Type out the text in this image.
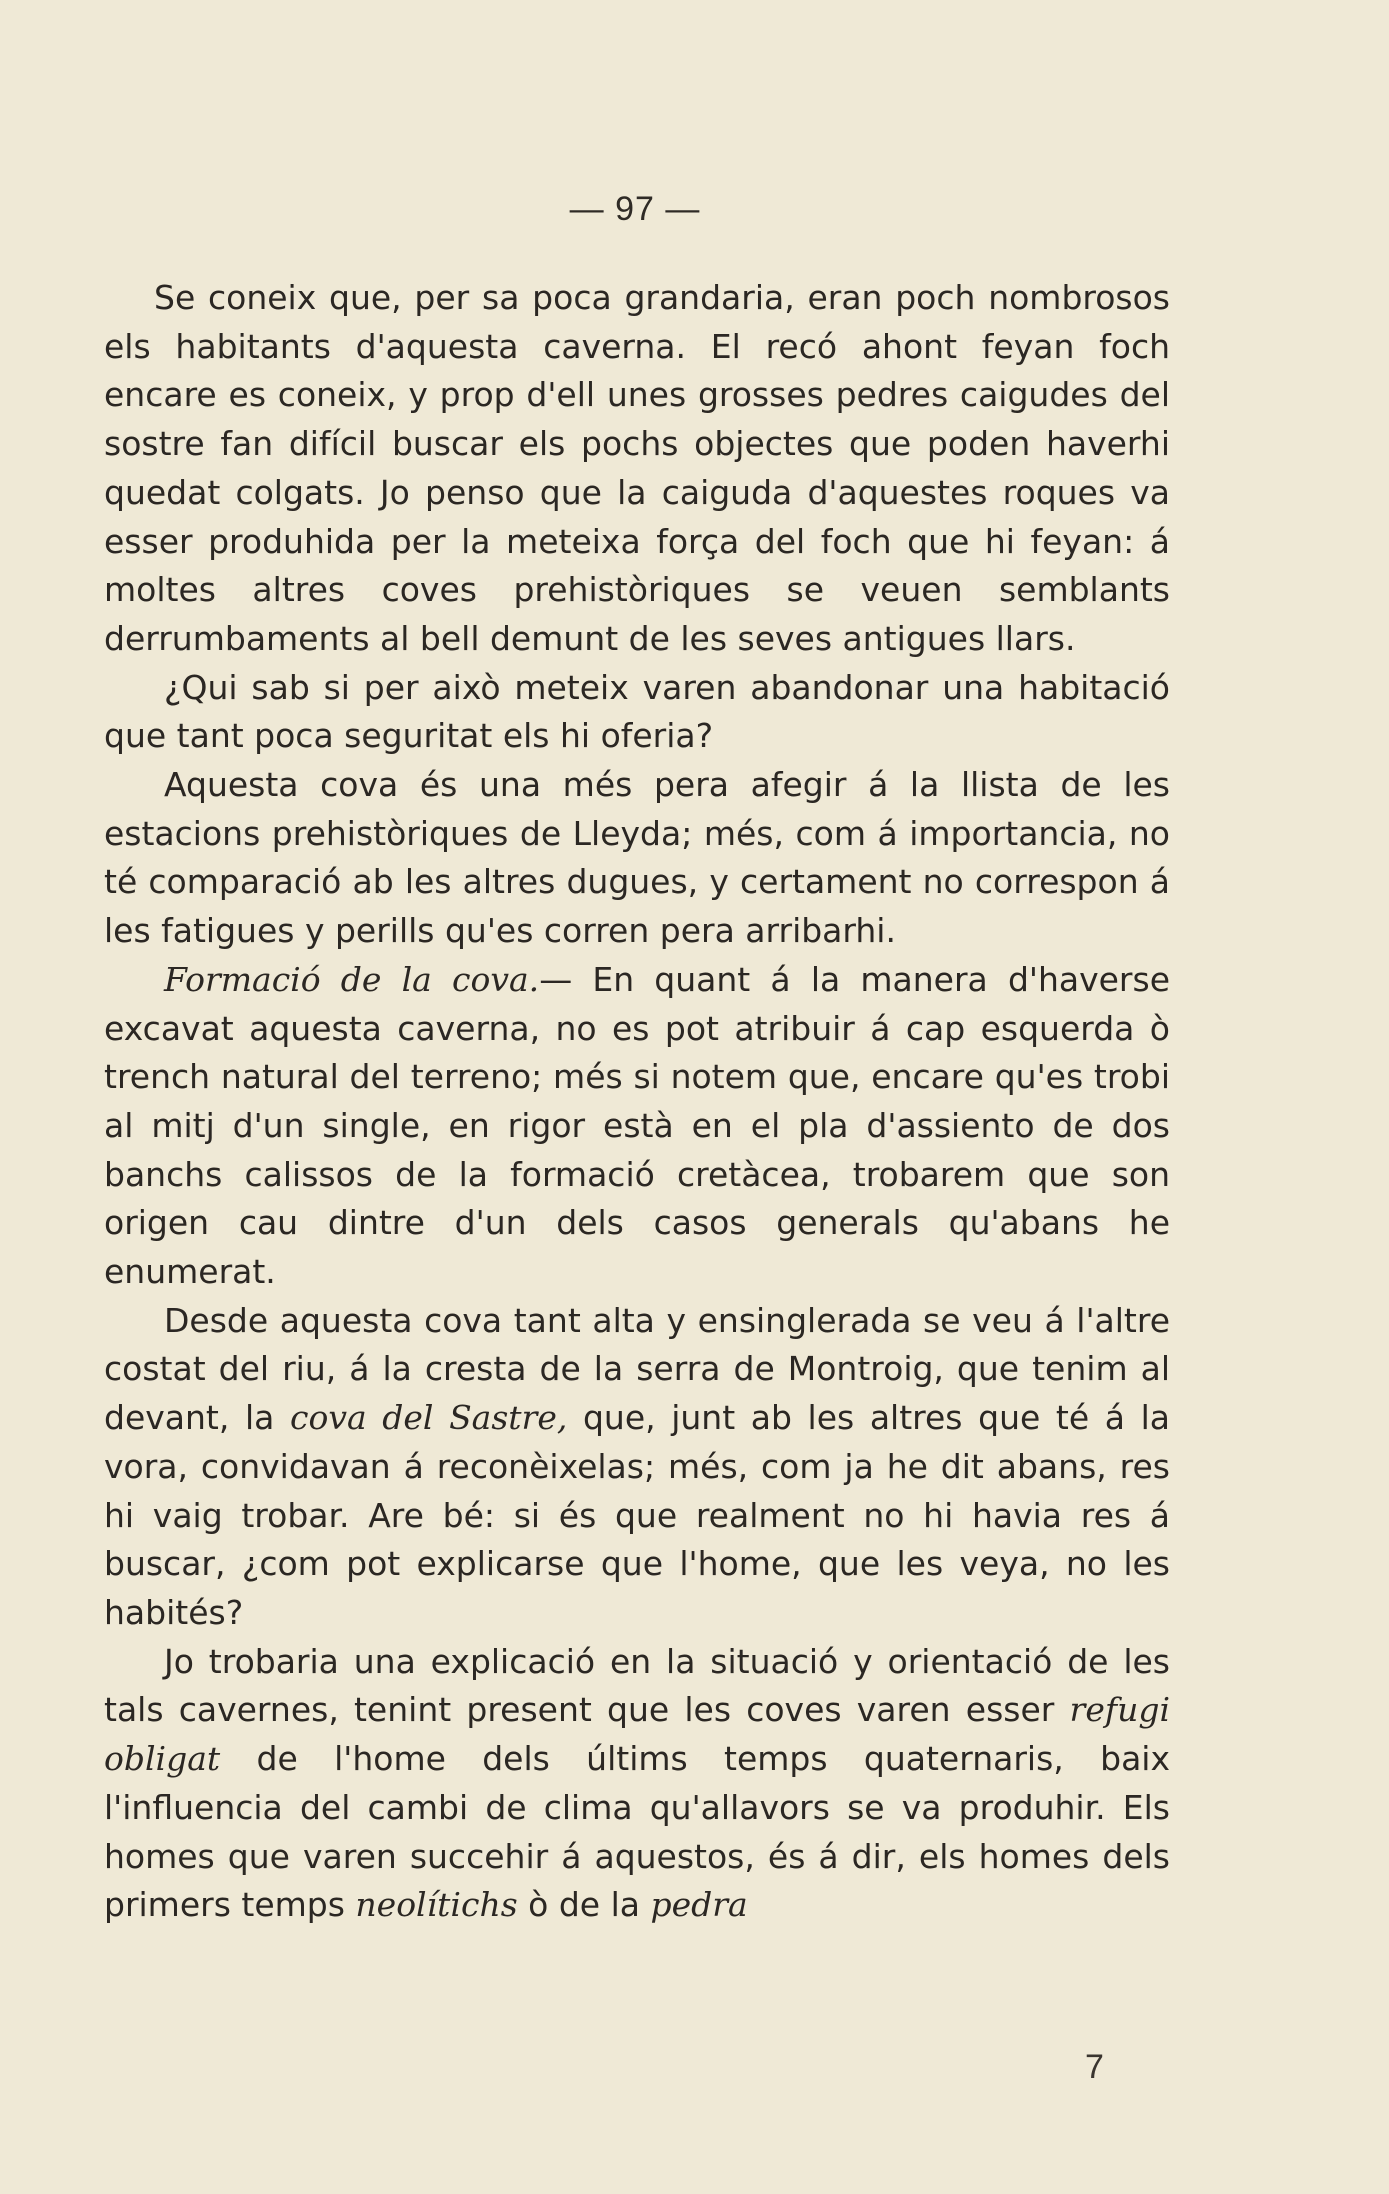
— 97 —

Se coneix que, per sa poca grandaria, eran poch nombrosos els habitants d'aquesta caverna. El recó ahont feyan foch encare es coneix, y prop d'ell unes grosses pedres caigudes del sostre fan difícil buscar els pochs objectes que poden haverhi quedat colgats. Jo penso que la caiguda d'aquestes roques va esser produhida per la meteixa força del foch que hi feyan: á moltes altres coves prehistòriques se veuen semblants derrumbaments al bell demunt de les seves antigues llars.

¿Qui sab si per això meteix varen abandonar una habitació que tant poca seguritat els hi oferia?

Aquesta cova és una més pera afegir á la llista de les estacions prehistòriques de Lleyda; més, com á importancia, no té comparació ab les altres dugues, y certament no correspon á les fatigues y perills qu'es corren pera arribarhi.

Formació de la cova.— En quant á la manera d'haverse excavat aquesta caverna, no es pot atribuir á cap esquerda ò trench natural del terreno; més si notem que, encare qu'es trobi al mitj d'un single, en rigor està en el pla d'assiento de dos banchs calissos de la formació cretàcea, trobarem que son origen cau dintre d'un dels casos generals qu'abans he enumerat.

Desde aquesta cova tant alta y ensinglerada se veu á l'altre costat del riu, á la cresta de la serra de Montroig, que tenim al devant, la cova del Sastre, que, junt ab les altres que té á la vora, convidavan á reconèixelas; més, com ja he dit abans, res hi vaig trobar. Are bé: si és que realment no hi havia res á buscar, ¿com pot explicarse que l'home, que les veya, no les habités?

Jo trobaria una explicació en la situació y orientació de les tals cavernes, tenint present que les coves varen esser refugi obligat de l'home dels últims temps quaternaris, baix l'influencia del cambi de clima qu'allavors se va produhir. Els homes que varen succehir á aquestos, és á dir, els homes dels primers temps neolítichs ò de la pedra

7
